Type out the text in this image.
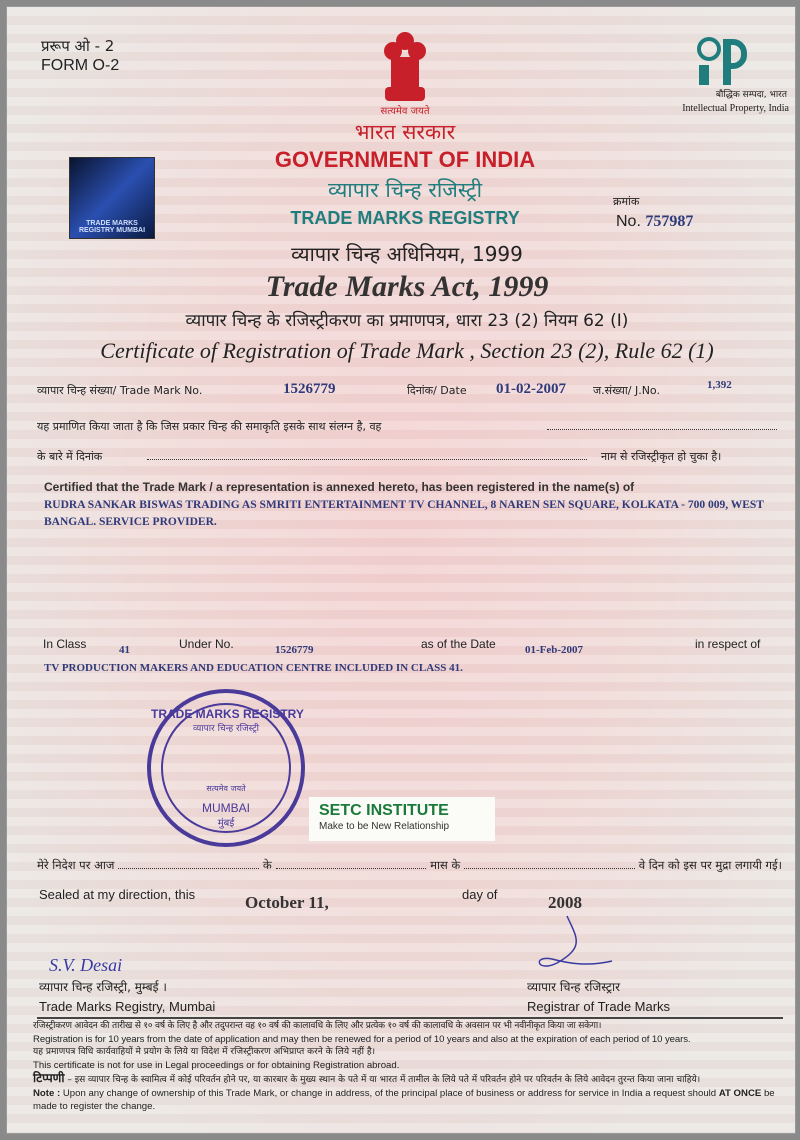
प्ररूप ओ - 2
FORM O-2
सत्यमेव जयते
भारत सरकार
GOVERNMENT OF INDIA
व्यापार चिन्ह रजिस्ट्री
TRADE MARKS REGISTRY
बौद्धिक सम्पदा, भारत
Intellectual Property, India
TRADE MARKS REGISTRY MUMBAI
क्रमांक
No. 757987
व्यापार चिन्ह अधिनियम, 1999
Trade Marks Act, 1999
व्यापार चिन्ह के रजिस्ट्रीकरण का प्रमाणपत्र, धारा 23 (2) नियम 62 (I)
Certificate of Registration of Trade Mark , Section 23 (2), Rule 62 (1)
व्यापार चिन्ह संख्या/ Trade Mark No.	1526779	दिनांक/ Date 01-02-2007 ज.संख्या/ J.No.	1,392
यह प्रमाणित किया जाता है कि जिस प्रकार चिन्ह की समाकृति इसके साथ संलग्न है, वह
के बारे में दिनांक	नाम से रजिस्ट्रीकृत हो चुका है।
Certified that the Trade Mark / a representation is annexed hereto, has been registered in the name(s) of
RUDRA SANKAR BISWAS TRADING AS SMRITI ENTERTAINMENT TV CHANNEL, 8 NAREN SEN SQUARE, KOLKATA - 700 009, WEST BANGAL. SERVICE PROVIDER.
In Class	41	Under No.	1526779	as of the Date	01-Feb-2007	in respect of
TV PRODUCTION MAKERS AND EDUCATION CENTRE INCLUDED IN CLASS 41.
TRADE MARKS REGISTRY
व्यापार चिन्ह रजिस्ट्री
सत्यमेव जयते
MUMBAI
मुंबई
SETC INSTITUTE
Make to be New Relationship
मेरे निदेश पर आज	के	मास के	वे दिन को इस पर मुद्रा लगायी गई।
Sealed at my direction, this	October 11,	day of	2008
S.V. Desai
व्यापार चिन्ह रजिस्ट्री, मुम्बई ।
Trade Marks Registry, Mumbai
व्यापार चिन्ह रजिस्ट्रार
Registrar of Trade Marks
रजिस्ट्रीकरण आवेदन की तारीख से १० वर्ष के लिए है और तदुपरान्त वह १० वर्ष की कालावधि के लिए और प्रत्येक १० वर्ष की कालावधि के अवसान पर भी नवीनीकृत किया जा सकेगा।
Registration is for 10 years from the date of application and may then be renewed for a period of 10 years and also at the expiration of each period of 10 years.
यह प्रमाणपत्र विधि कार्यवाहियों मे प्रयोग के लिये या विदेश में रजिस्ट्रीकरण अभिप्राप्त करने के लिये नहीं है।
This certificate is not for use in Legal proceedings or for obtaining Registration abroad.
टिप्पणी – इस व्यापार चिन्ह के स्वामित्व में कोई परिवर्तन होने पर, या कारबार के मुख्य स्थान के पते में या भारत में तामील के लिये पते में परिवर्तन होने पर परिवर्तन के लिये आवेदन तुरन्त किया जाना चाहिये।
Note : Upon any change of ownership of this Trade Mark, or change in address, of the principal place of business or address for service in India a request should AT ONCE be made to register the change.
